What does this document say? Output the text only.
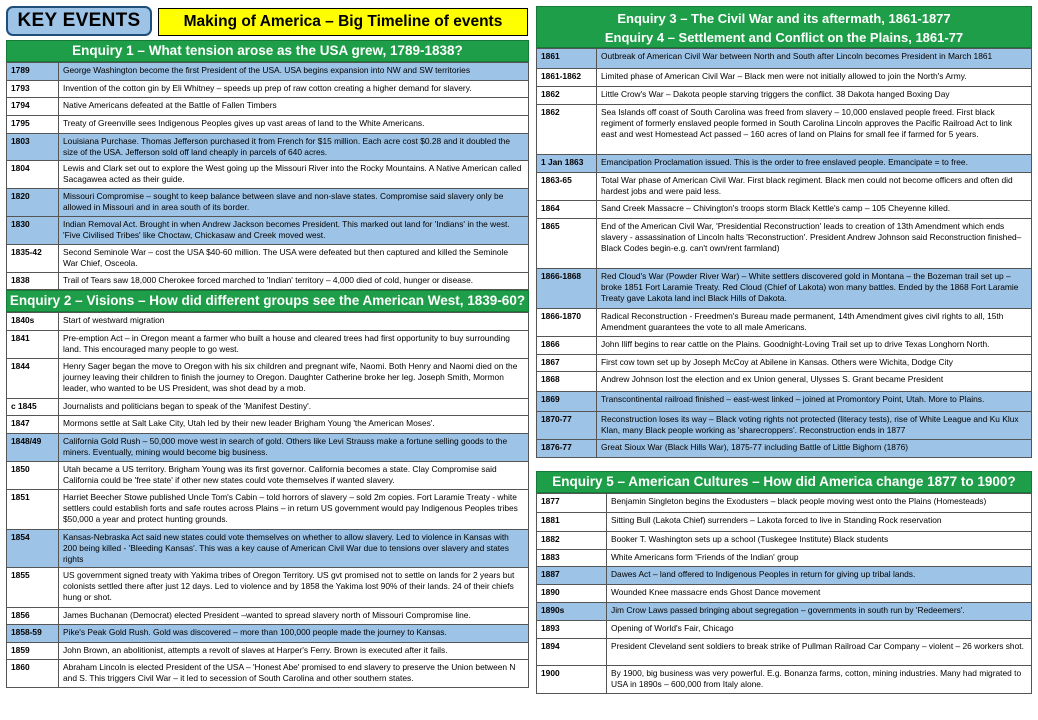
KEY EVENTS	Making of America – Big Timeline of events
Enquiry 1 – What tension arose as the USA grew, 1789-1838?
1789	George Washington become the first President of the USA. USA begins expansion into NW and SW territories
1793	Invention of the cotton gin by Eli Whitney – speeds up prep of raw cotton creating a higher demand for slavery.
1794	Native Americans defeated at the Battle of Fallen Timbers
1795	Treaty of Greenville sees Indigenous Peoples gives up vast areas of land to the White Americans.
1803	Louisiana Purchase. Thomas Jefferson purchased it from French for $15 million. Each acre cost $0.28 and it doubled the size of the USA. Jefferson sold off land cheaply in parcels of 640 acres.
1804	Lewis and Clark set out to explore the West going up the Missouri River into the Rocky Mountains. A Native American called Sacagawea acted as their guide.
1820	Missouri Compromise – sought to keep balance between slave and non-slave states. Compromise said slavery only be allowed in Missouri and in area south of its border.
1830	Indian Removal Act. Brought in when Andrew Jackson becomes President. This marked out land for 'Indians' in the west. 'Five Civilised Tribes' like Choctaw, Chickasaw and Creek moved west.
1835-42	Second Seminole War – cost the USA $40-60 million. The USA were defeated but then captured and killed the Seminole War Chief, Osceola.
1838	Trail of Tears saw 18,000 Cherokee forced marched to 'Indian' territory – 4,000 died of cold, hunger or disease.
Enquiry 2 – Visions – How did different groups see the American West, 1839-60?
1840s	Start of westward migration
1841	Pre-emption Act – in Oregon meant a farmer who built a house and cleared trees had first opportunity to buy surrounding land. This encouraged many people to go west.
1844	Henry Sager began the move to Oregon with his six children and pregnant wife, Naomi. Both Henry and Naomi died on the journey leaving their children to finish the journey to Oregon. Daughter Catherine broke her leg. Joseph Smith, Mormon leader, who wanted to be US President, was shot dead by a mob.
c 1845	Journalists and politicians began to speak of the 'Manifest Destiny'.
1847	Mormons settle at Salt Lake City, Utah led by their new leader Brigham Young 'the American Moses'.
1848/49	California Gold Rush – 50,000 move west in search of gold. Others like Levi Strauss make a fortune selling goods to the miners. Eventually, mining would become big business.
1850	Utah became a US territory. Brigham Young was its first governor. California becomes a state. Clay Compromise said California could be 'free state' if other new states could vote themselves if wanted slavery.
1851	Harriet Beecher Stowe published Uncle Tom's Cabin – told horrors of slavery – sold 2m copies. Fort Laramie Treaty - white settlers could establish forts and safe routes across Plains – in return US government would pay Indigenous Peoples tribes $50,000 a year and protect hunting grounds.
1854	Kansas-Nebraska Act said new states could vote themselves on whether to allow slavery. Led to violence in Kansas with 200 being killed - 'Bleeding Kansas'. This was a key cause of American Civil War due to tensions over slavery and states rights
1855	US government signed treaty with Yakima tribes of Oregon Territory. US gvt promised not to settle on lands for 2 years but colonists settled there after just 12 days. Led to violence and by 1858 the Yakima lost 90% of their lands. 24 of their chiefs hung or shot.
1856	James Buchanan (Democrat) elected President –wanted to spread slavery north of Missouri Compromise line.
1858-59	Pike's Peak Gold Rush. Gold was discovered – more than 100,000 people made the journey to Kansas.
1859	John Brown, an abolitionist, attempts a revolt of slaves at Harper's Ferry. Brown is executed after it fails.
1860	Abraham Lincoln is elected President of the USA – 'Honest Abe' promised to end slavery to preserve the Union between N and S. This triggers Civil War – it led to secession of South Carolina and other southern states.
Enquiry 3 – The Civil War and its aftermath, 1861-1877
Enquiry 4 – Settlement and Conflict on the Plains, 1861-77
1861	Outbreak of American Civil War between North and South after Lincoln becomes President in March 1861
1861-1862	Limited phase of American Civil War – Black men were not initially allowed to join the North's Army.
1862	Little Crow's War – Dakota people starving triggers the conflict. 38 Dakota hanged Boxing Day
1862	Sea Islands off coast of South Carolina was freed from slavery – 10,000 enslaved people freed. First black regiment of formerly enslaved people formed in South Carolina Lincoln approves the Pacific Railroad Act to link east and west Homestead Act passed – 160 acres of land on Plains for small fee if farmed for 5 years.
1 Jan 1863	Emancipation Proclamation issued. This is the order to free enslaved people. Emancipate = to free.
1863-65	Total War phase of American Civil War. First black regiment. Black men could not become officers and often did hardest jobs and were paid less.
1864	Sand Creek Massacre – Chivington's troops storm Black Kettle's camp – 105 Cheyenne killed.
1865	End of the American Civil War, 'Presidential Reconstruction' leads to creation of 13th Amendment which ends slavery - assassination of Lincoln halts 'Reconstruction'. President Andrew Johnson said Reconstruction finished–Black Codes begin-e.g. can't own/rent farmland)
1866-1868	Red Cloud's War (Powder River War) – White settlers discovered gold in Montana – the Bozeman trail set up – broke 1851 Fort Laramie Treaty. Red Cloud (Chief of Lakota) won many battles. Ended by the 1868 Fort Laramie Treaty gave Lakota land incl Black Hills of Dakota.
1866-1870	Radical Reconstruction - Freedmen's Bureau made permanent, 14th Amendment gives civil rights to all, 15th Amendment guarantees the vote to all male Americans.
1866	John Iliff begins to rear cattle on the Plains. Goodnight-Loving Trail set up to drive Texas Longhorn North.
1867	First cow town set up by Joseph McCoy at Abilene in Kansas. Others were Wichita, Dodge City
1868	Andrew Johnson lost the election and ex Union general, Ulysses S. Grant became President
1869	Transcontinental railroad finished – east-west linked – joined at Promontory Point, Utah. More to Plains.
1870-77	Reconstruction loses its way – Black voting rights not protected (literacy tests), rise of White League and Ku Klux Klan, many Black people working as 'sharecroppers'. Reconstruction ends in 1877
1876-77	Great Sioux War (Black Hills War), 1875-77 including Battle of Little Bighorn (1876)
Enquiry 5 – American Cultures – How did America change 1877 to 1900?
1877	Benjamin Singleton begins the Exodusters – black people moving west onto the Plains (Homesteads)
1881	Sitting Bull (Lakota Chief) surrenders – Lakota forced to live in Standing Rock reservation
1882	Booker T. Washington sets up a school (Tuskegee Institute) Black students
1883	White Americans form 'Friends of the Indian' group
1887	Dawes Act – land offered to Indigenous Peoples in return for giving up tribal lands.
1890	Wounded Knee massacre ends Ghost Dance movement
1890s	Jim Crow Laws passed bringing about segregation – governments in south run by 'Redeemers'.
1893	Opening of World's Fair, Chicago
1894	President Cleveland sent soldiers to break strike of Pullman Railroad Car Company – violent – 26 workers shot.
1900	By 1900, big business was very powerful. E.g. Bonanza farms, cotton, mining industries. Many had migrated to USA in 1890s – 600,000 from Italy alone.
